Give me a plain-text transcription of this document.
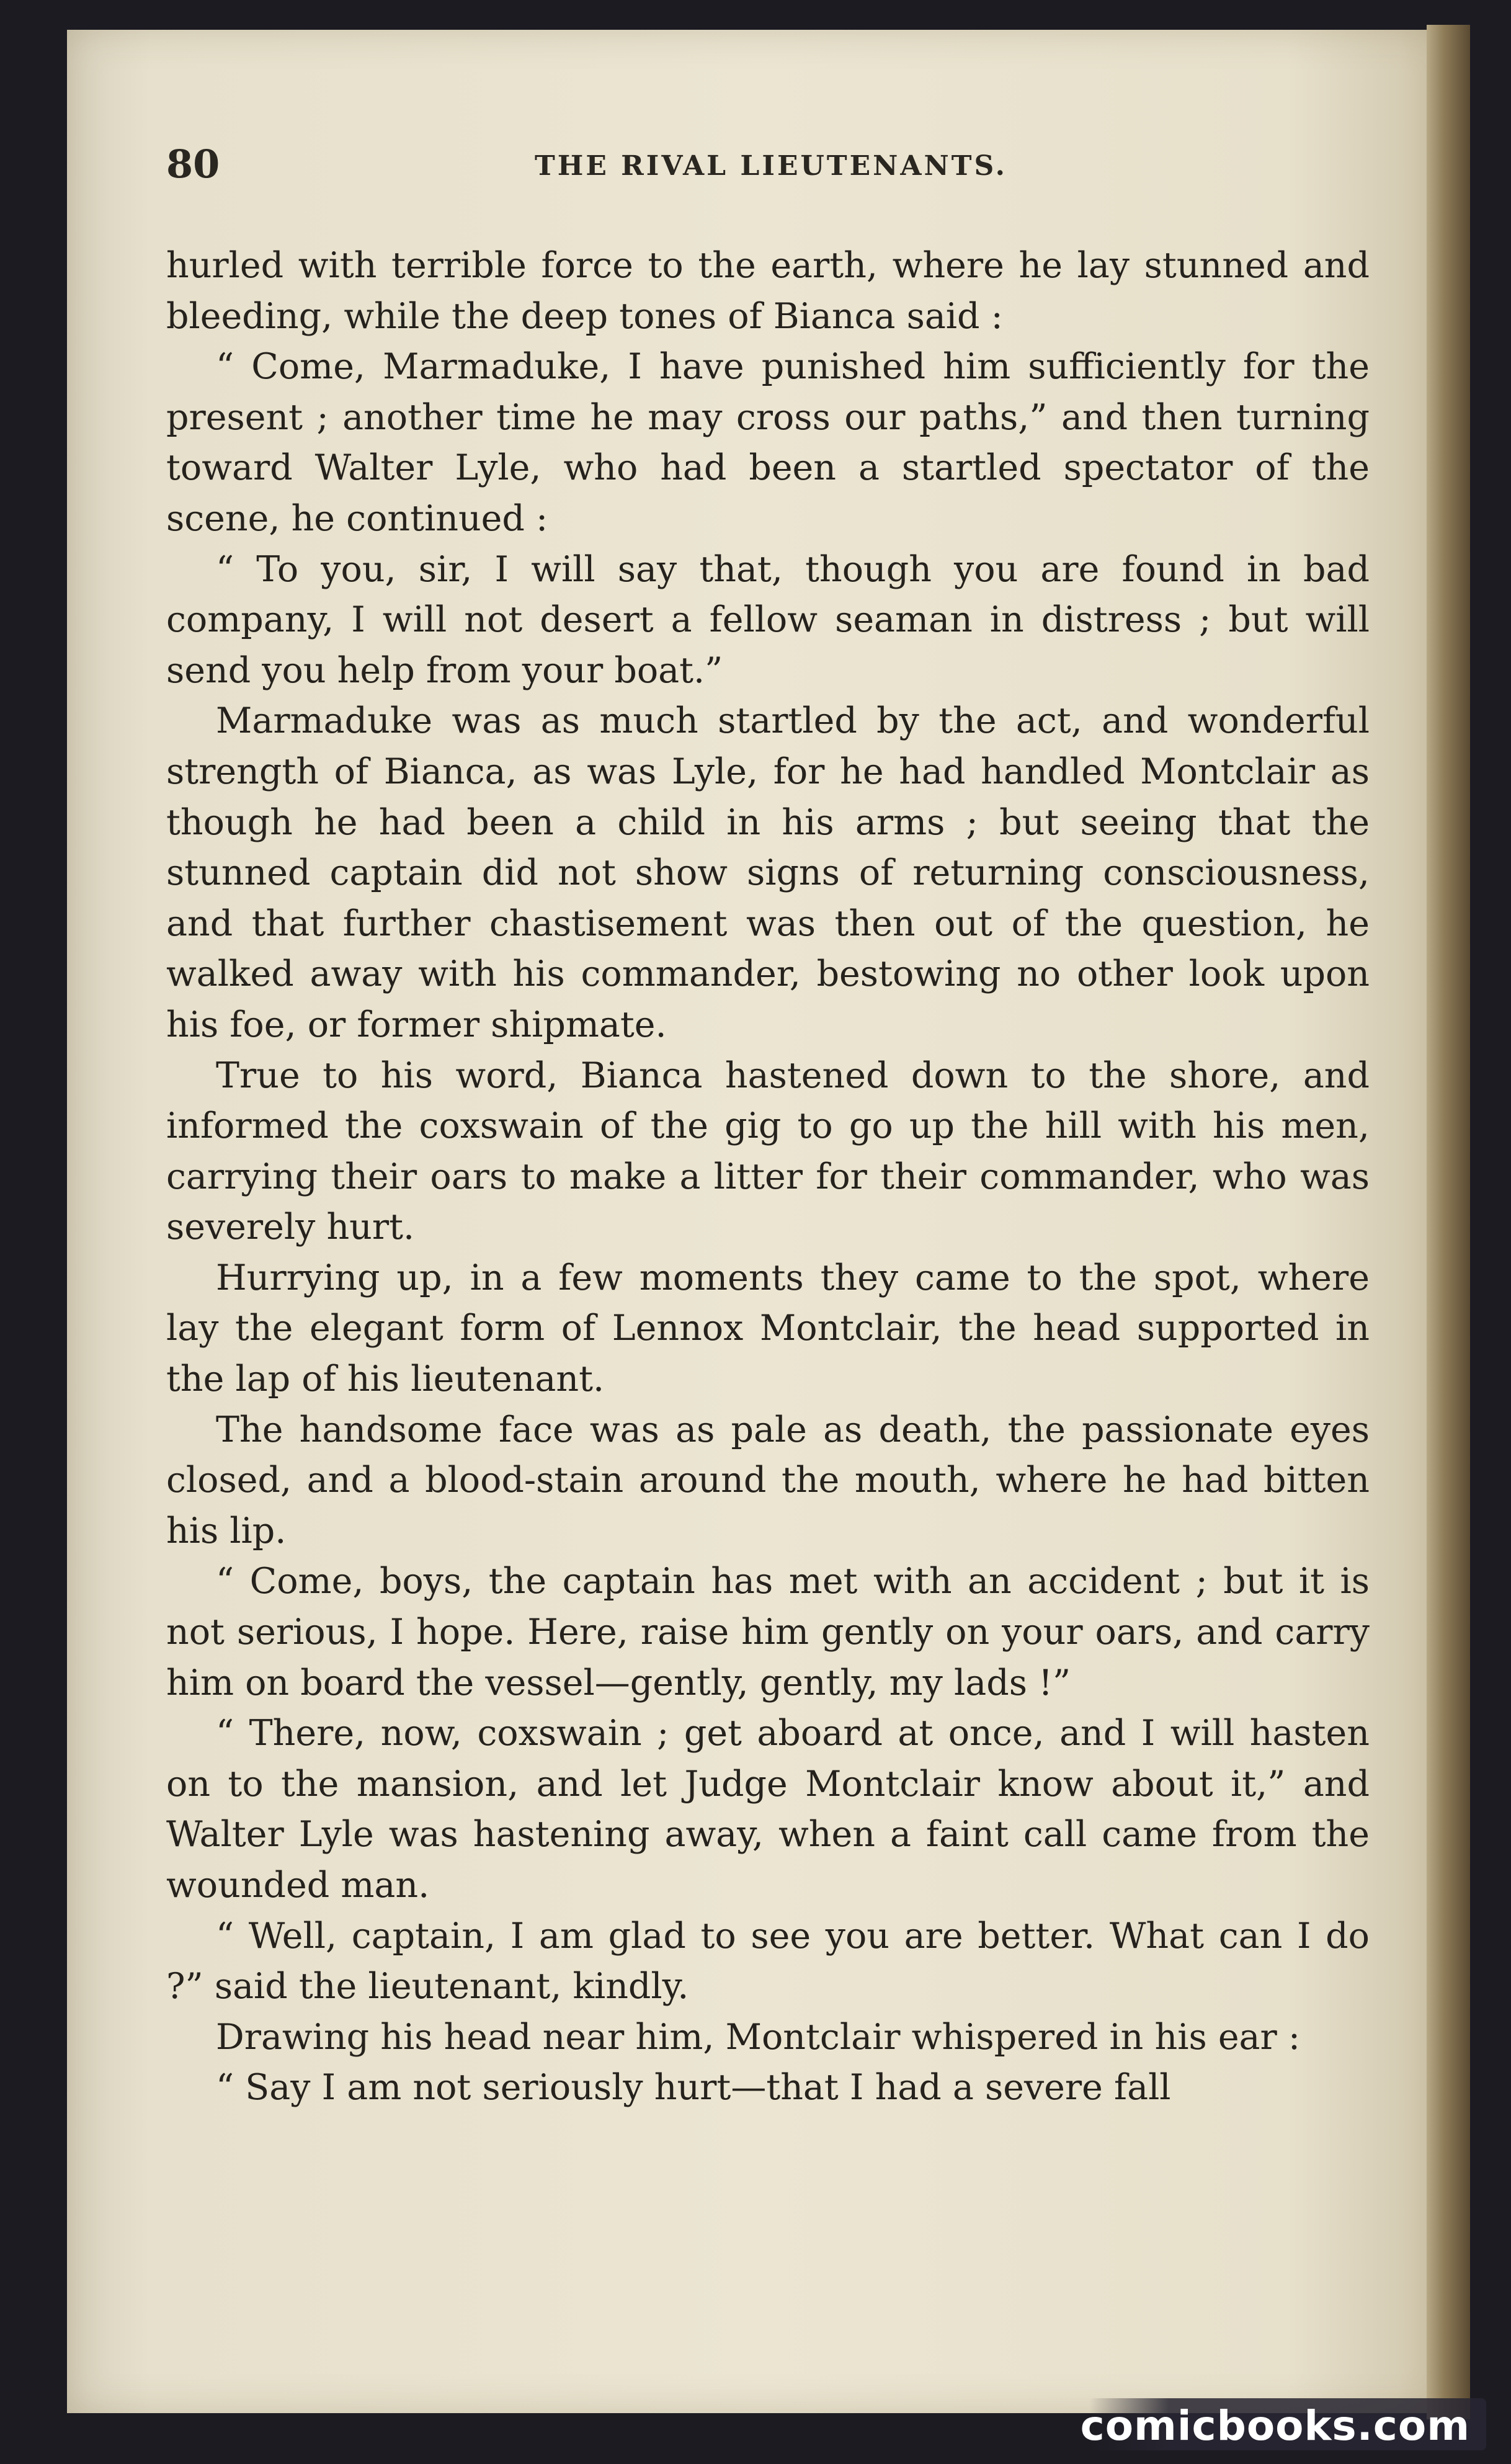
80	THE RIVAL LIEUTENANTS.

hurled with terrible force to the earth, where he lay stunned and bleeding, while the deep tones of Bianca said :

“ Come, Marmaduke, I have punished him sufficiently for the present ; another time he may cross our paths,” and then turning toward Walter Lyle, who had been a startled spectator of the scene, he continued :

“ To you, sir, I will say that, though you are found in bad company, I will not desert a fellow seaman in distress ; but will send you help from your boat.”

Marmaduke was as much startled by the act, and wonderful strength of Bianca, as was Lyle, for he had handled Montclair as though he had been a child in his arms ; but seeing that the stunned captain did not show signs of returning consciousness, and that further chastisement was then out of the question, he walked away with his commander, bestowing no other look upon his foe, or former shipmate.

True to his word, Bianca hastened down to the shore, and informed the coxswain of the gig to go up the hill with his men, carrying their oars to make a litter for their commander, who was severely hurt.

Hurrying up, in a few moments they came to the spot, where lay the elegant form of Lennox Montclair, the head supported in the lap of his lieutenant.

The handsome face was as pale as death, the passionate eyes closed, and a blood-stain around the mouth, where he had bitten his lip.

“ Come, boys, the captain has met with an accident ; but it is not serious, I hope. Here, raise him gently on your oars, and carry him on board the vessel—gently, gently, my lads !”

“ There, now, coxswain ; get aboard at once, and I will hasten on to the mansion, and let Judge Montclair know about it,” and Walter Lyle was hastening away, when a faint call came from the wounded man.

“ Well, captain, I am glad to see you are better. What can I do ?” said the lieutenant, kindly.

Drawing his head near him, Montclair whispered in his ear :

“ Say I am not seriously hurt—that I had a severe fall

comicbooks.com
